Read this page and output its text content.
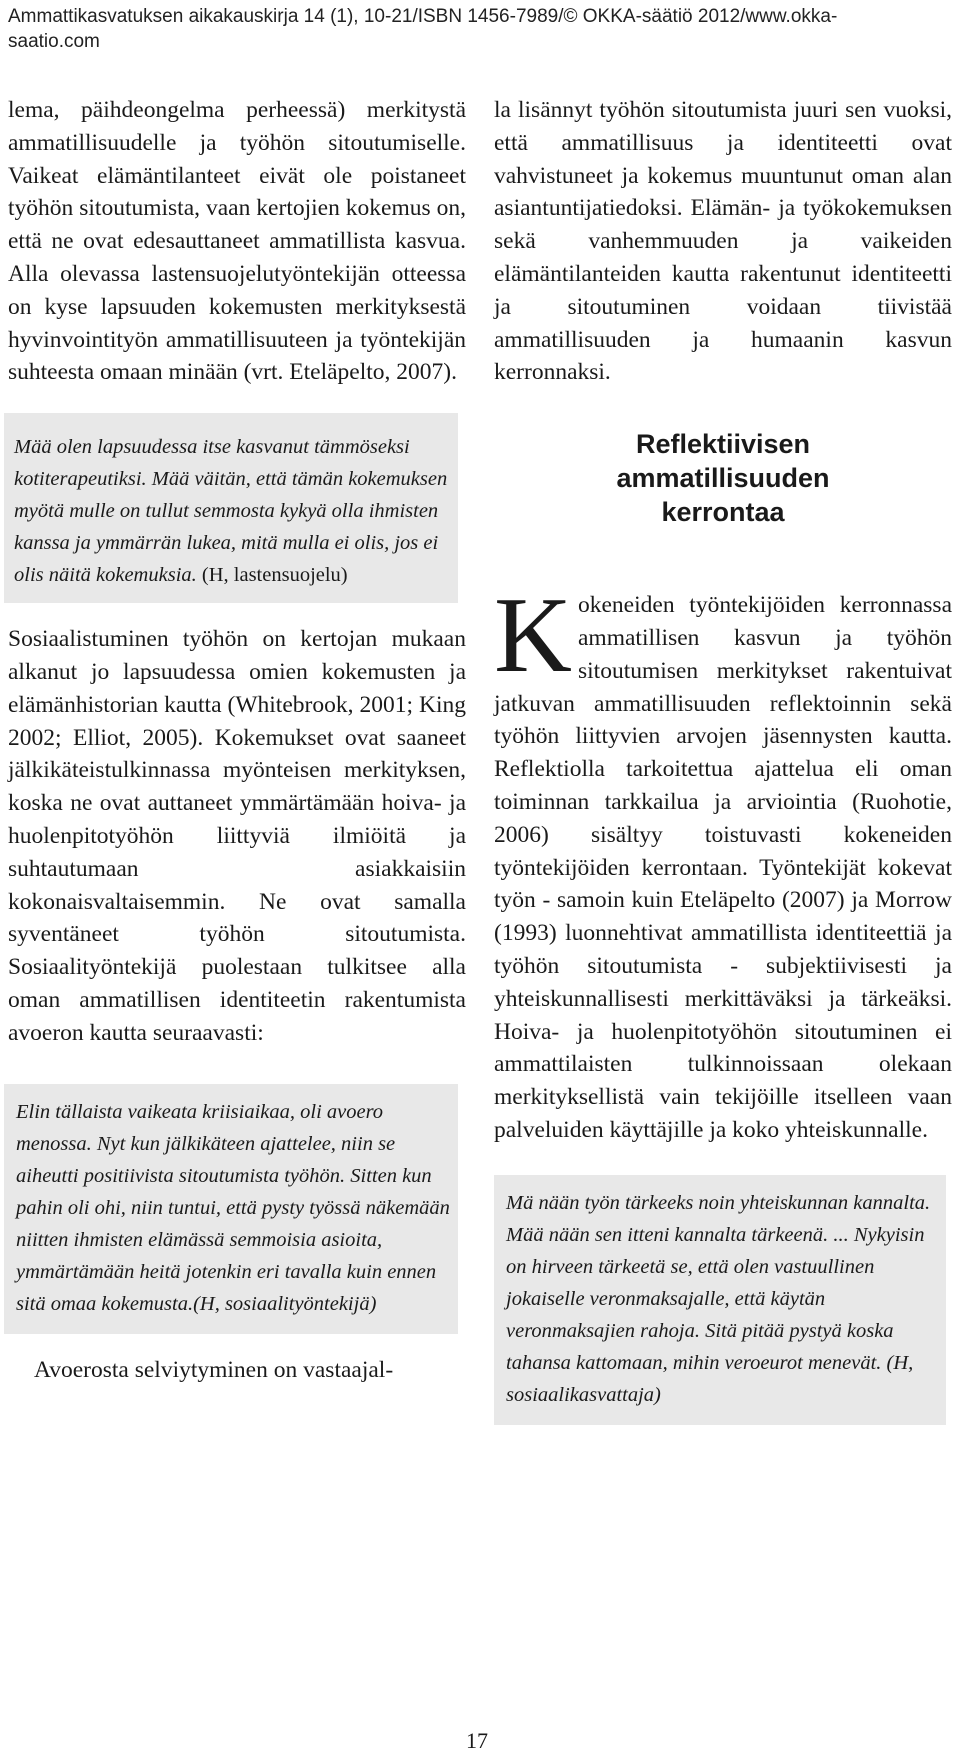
Ammattikasvatuksen aikakauskirja 14 (1), 10-21/ISBN 1456-7989/© OKKA-säätiö 2012/www.okka-
saatio.com

lema, päihdeongelma perheessä) merkitystä ammatillisuudelle ja työhön sitoutumiselle. Vaikeat elämäntilanteet eivät ole poistaneet työhön sitoutumista, vaan kertojien kokemus on, että ne ovat edesauttaneet ammatillista kasvua. Alla olevassa lastensuojelutyöntekijän otteessa on kyse lapsuuden kokemusten merkityksestä hyvinvointityön ammatillisuuteen ja työntekijän suhteesta omaan minään (vrt. Eteläpelto, 2007).

Mää olen lapsuudessa itse kasvanut tämmöseksi kotiterapeutiksi. Mää väitän, että tämän kokemuksen myötä mulle on tullut semmosta kykyä olla ihmisten kanssa ja ymmärrän lukea, mitä mulla ei olis, jos ei olis näitä kokemuksia. (H, lastensuojelu)

Sosiaalistuminen työhön on kertojan mukaan alkanut jo lapsuudessa omien kokemusten ja elämänhistorian kautta (Whitebrook, 2001; King 2002; Elliot, 2005). Kokemukset ovat saaneet jälkikäteistulkinnassa myönteisen merkityksen, koska ne ovat auttaneet ymmärtämään hoiva- ja huolenpitotyöhön liittyviä ilmiöitä ja suhtautumaan asiakkaisiin kokonaisvaltaisemmin. Ne ovat samalla syventäneet työhön sitoutumista. Sosiaalityöntekijä puolestaan tulkitsee alla oman ammatillisen identiteetin rakentumista avoeron kautta seuraavasti:

Elin tällaista vaikeata kriisiaikaa, oli avoero menossa. Nyt kun jälkikäteen ajattelee, niin se aiheutti positiivista sitoutumista työhön. Sitten kun pahin oli ohi, niin tuntui, että pysty työssä näkemään niitten ihmisten elämässä semmoisia asioita, ymmärtämään heitä jotenkin eri tavalla kuin ennen sitä omaa kokemusta.(H, sosiaalityöntekijä)

Avoerosta selviytyminen on vastaajal-

la lisännyt työhön sitoutumista juuri sen vuoksi, että ammatillisuus ja identiteetti ovat vahvistuneet ja kokemus muuntunut oman alan asiantuntijatiedoksi. Elämän- ja työkokemuksen sekä vanhemmuuden ja vaikeiden elämäntilanteiden kautta rakentunut identiteetti ja sitoutuminen voidaan tiivistää ammatillisuuden ja humaanin kasvun kerronnaksi.

Reflektiivisen
ammatillisuuden
kerrontaa
K okeneiden työntekijöiden kerronnassa ammatillisen kasvun ja työhön sitoutumisen merkitykset rakentuivat jatkuvan ammatillisuuden reflektoinnin sekä työhön liittyvien arvojen jäsennysten kautta. Reflektiolla tarkoitettua ajattelua eli oman toiminnan tarkkailua ja arviointia (Ruohotie, 2006) sisältyy toistuvasti kokeneiden työntekijöiden kerrontaan. Työntekijät kokevat työn - samoin kuin Eteläpelto (2007) ja Morrow (1993) luonnehtivat ammatillista identiteettiä ja työhön sitoutumista - subjektiivisesti ja yhteiskunnallisesti merkittäväksi ja tärkeäksi. Hoiva- ja huolenpitotyöhön sitoutuminen ei ammattilaisten tulkinnoissaan olekaan merkityksellistä vain tekijöille itselleen vaan palveluiden käyttäjille ja koko yhteiskunnalle.

Mä nään työn tärkeeks noin yhteiskunnan kannalta. Mää nään sen itteni kannalta tärkeenä. ... Nykyisin on hirveen tärkeetä se, että olen vastuullinen jokaiselle veronmaksajalle, että käytän veronmaksajien rahoja. Sitä pitää pystyä koska tahansa kattomaan, mihin veroeurot menevät. (H, sosiaalikasvattaja)
17
